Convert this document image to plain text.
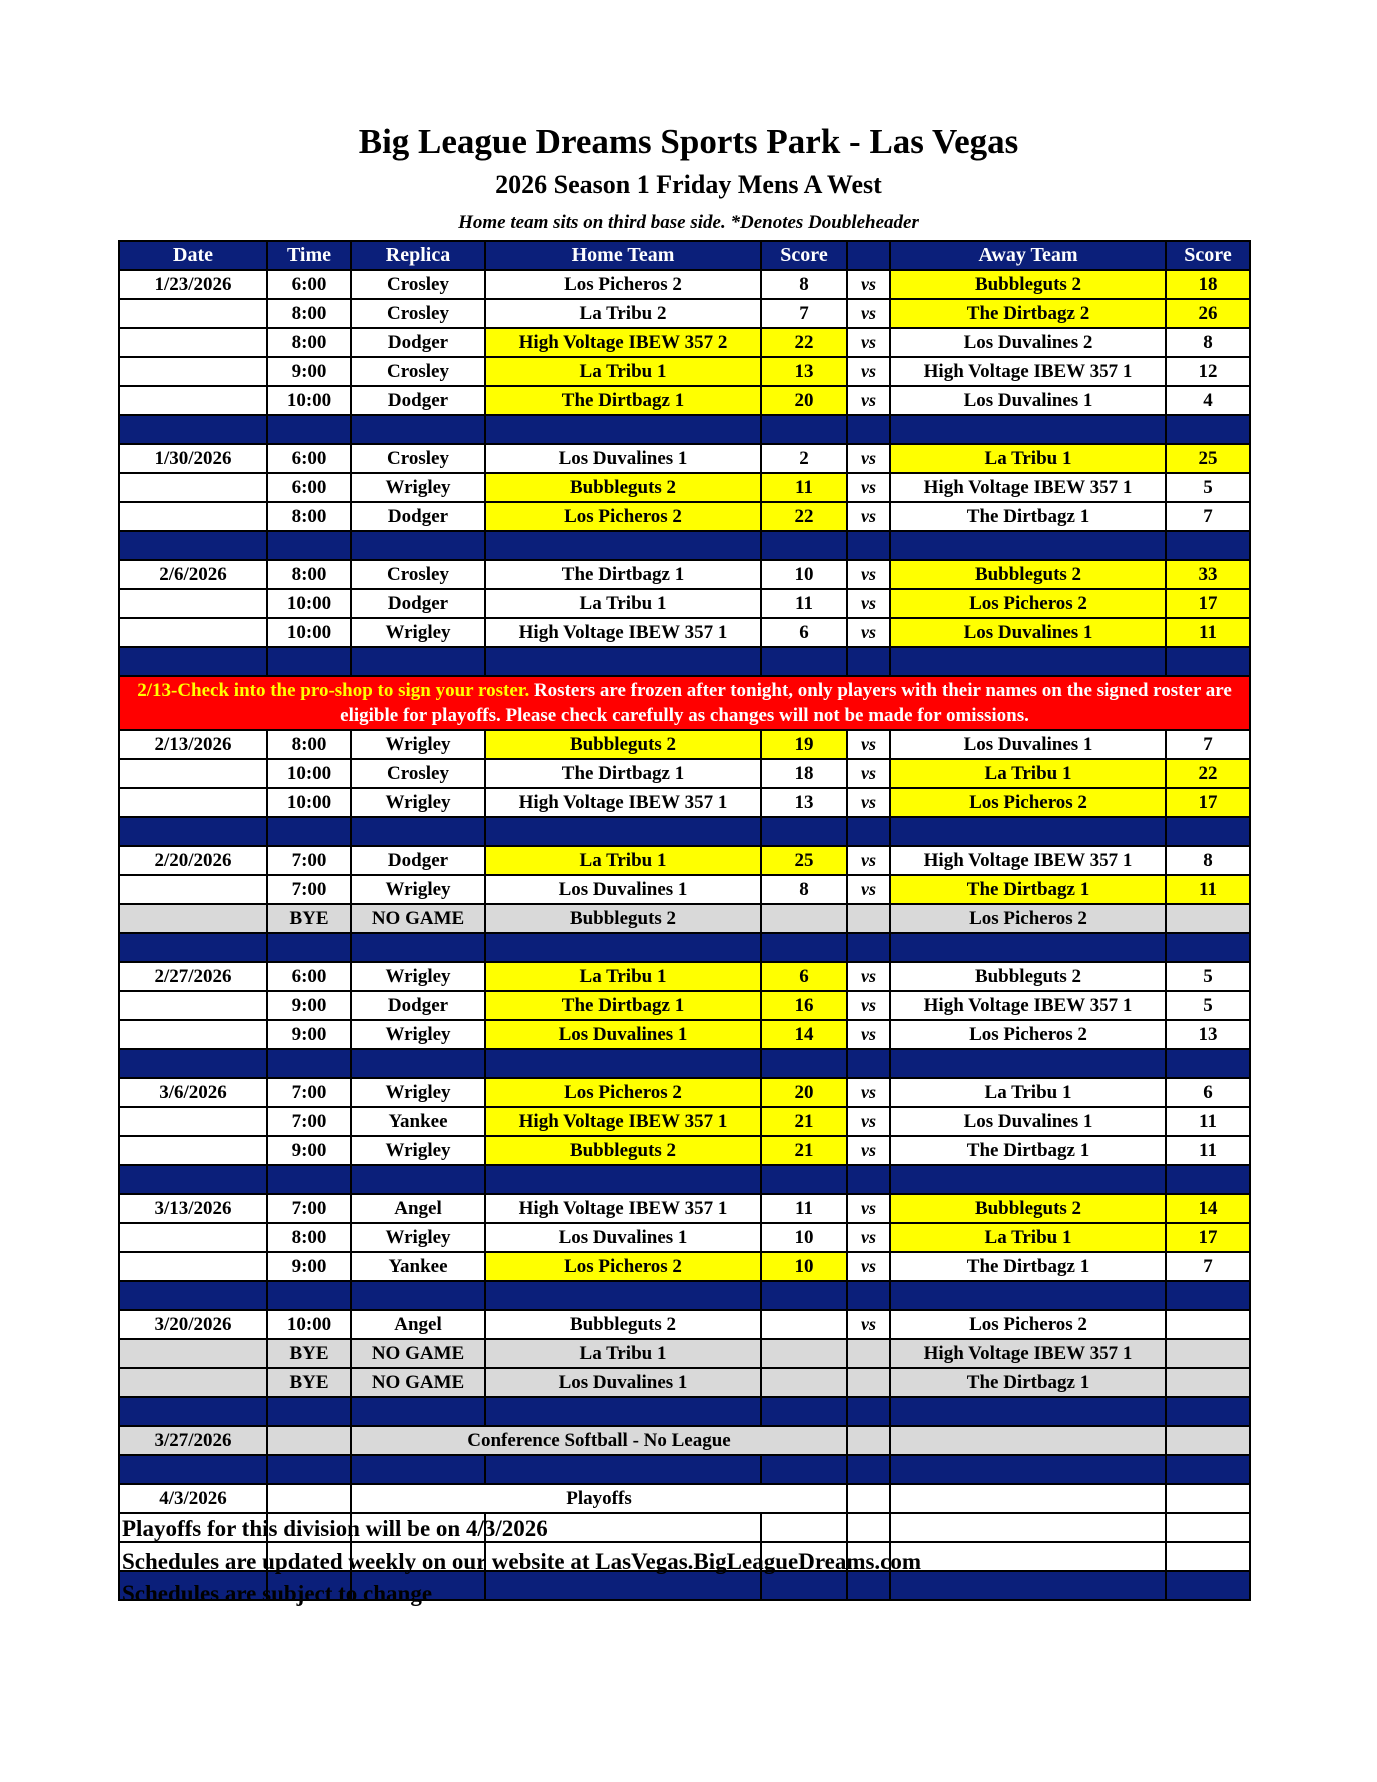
Big League Dreams Sports Park - Las Vegas
2026 Season 1 Friday Mens A West
Home team sits on third base side. *Denotes Doubleheader
Date	Time	Replica	Home Team	Score		Away Team	Score
1/23/2026	6:00	Crosley	Los Picheros 2	8	vs	Bubbleguts 2	18
	8:00	Crosley	La Tribu 2	7	vs	The Dirtbagz 2	26
	8:00	Dodger	High Voltage IBEW 357 2	22	vs	Los Duvalines 2	8
	9:00	Crosley	La Tribu 1	13	vs	High Voltage IBEW 357 1	12
	10:00	Dodger	The Dirtbagz 1	20	vs	Los Duvalines 1	4

1/30/2026	6:00	Crosley	Los Duvalines 1	2	vs	La Tribu 1	25
	6:00	Wrigley	Bubbleguts 2	11	vs	High Voltage IBEW 357 1	5
	8:00	Dodger	Los Picheros 2	22	vs	The Dirtbagz 1	7

2/6/2026	8:00	Crosley	The Dirtbagz 1	10	vs	Bubbleguts 2	33
	10:00	Dodger	La Tribu 1	11	vs	Los Picheros 2	17
	10:00	Wrigley	High Voltage IBEW 357 1	6	vs	Los Duvalines 1	11

2/13-Check into the pro-shop to sign your roster. Rosters are frozen after tonight, only players with their names on the signed roster are eligible for playoffs. Please check carefully as changes will not be made for omissions.							
2/13/2026	8:00	Wrigley	Bubbleguts 2	19	vs	Los Duvalines 1	7
	10:00	Crosley	The Dirtbagz 1	18	vs	La Tribu 1	22
	10:00	Wrigley	High Voltage IBEW 357 1	13	vs	Los Picheros 2	17

2/20/2026	7:00	Dodger	La Tribu 1	25	vs	High Voltage IBEW 357 1	8
	7:00	Wrigley	Los Duvalines 1	8	vs	The Dirtbagz 1	11
	BYE	NO GAME	Bubbleguts 2			Los Picheros 2	

2/27/2026	6:00	Wrigley	La Tribu 1	6	vs	Bubbleguts 2	5
	9:00	Dodger	The Dirtbagz 1	16	vs	High Voltage IBEW 357 1	5
	9:00	Wrigley	Los Duvalines 1	14	vs	Los Picheros 2	13

3/6/2026	7:00	Wrigley	Los Picheros 2	20	vs	La Tribu 1	6
	7:00	Yankee	High Voltage IBEW 357 1	21	vs	Los Duvalines 1	11
	9:00	Wrigley	Bubbleguts 2	21	vs	The Dirtbagz 1	11

3/13/2026	7:00	Angel	High Voltage IBEW 357 1	11	vs	Bubbleguts 2	14
	8:00	Wrigley	Los Duvalines 1	10	vs	La Tribu 1	17
	9:00	Yankee	Los Picheros 2	10	vs	The Dirtbagz 1	7

3/20/2026	10:00	Angel	Bubbleguts 2		vs	Los Picheros 2	
	BYE	NO GAME	La Tribu 1			High Voltage IBEW 357 1	
	BYE	NO GAME	Los Duvalines 1			The Dirtbagz 1	

3/27/2026		Conference Softball - No League					

4/3/2026		Playoffs					

Playoffs for this division will be on 4/3/2026
Schedules are updated weekly on our website at LasVegas.BigLeagueDreams.com
Schedules are subject to change
